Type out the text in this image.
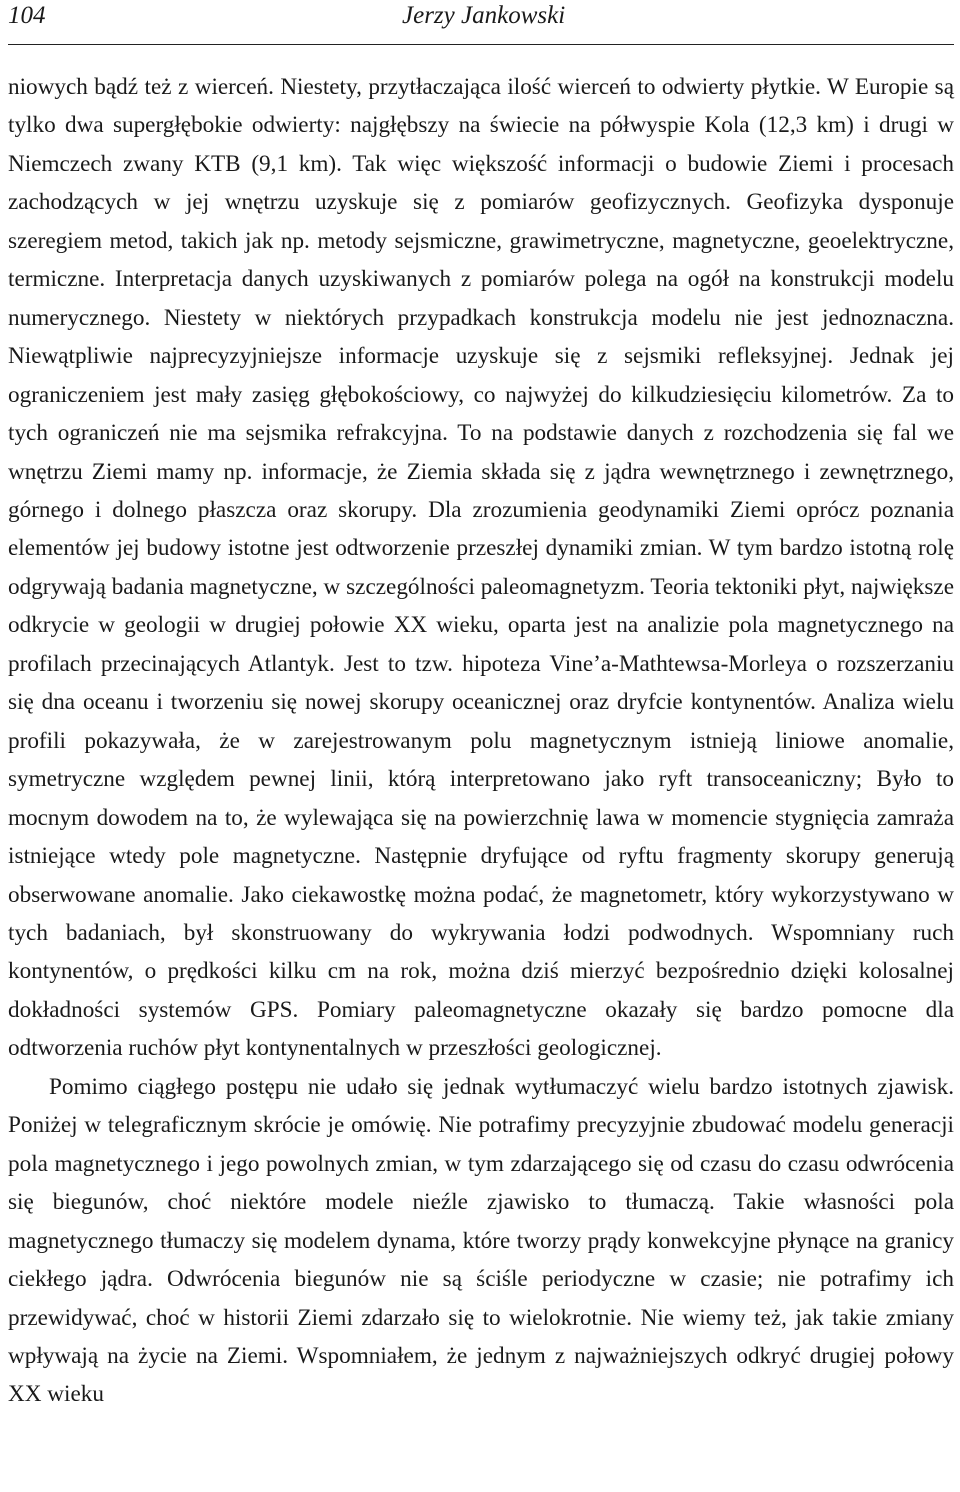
104	Jerzy Jankowski

niowych bądź też z wierceń. Niestety, przytłaczająca ilość wierceń to odwierty płytkie. W Europie są tylko dwa supergłębokie odwierty: najgłębszy na świecie na półwyspie Kola (12,3 km) i drugi w Niemczech zwany KTB (9,1 km). Tak więc większość informacji o budowie Ziemi i procesach zachodzących w jej wnętrzu uzyskuje się z pomiarów geofizycznych. Geofizyka dysponuje szeregiem metod, takich jak np. metody sejsmiczne, grawimetryczne, magnetyczne, geoelektryczne, termiczne. Interpretacja danych uzyskiwanych z pomiarów polega na ogół na konstrukcji modelu numerycznego. Niestety w niektórych przypadkach konstrukcja modelu nie jest jednoznaczna. Niewątpliwie najprecyzyjniejsze informacje uzyskuje się z sejsmiki refleksyjnej. Jednak jej ograniczeniem jest mały zasięg głębokościowy, co najwyżej do kilkudziesięciu kilometrów. Za to tych ograniczeń nie ma sejsmika refrakcyjna. To na podstawie danych z rozchodzenia się fal we wnętrzu Ziemi mamy np. informacje, że Ziemia składa się z jądra wewnętrznego i zewnętrznego, górnego i dolnego płaszcza oraz skorupy. Dla zrozumienia geodynamiki Ziemi oprócz poznania elementów jej budowy istotne jest odtworzenie przeszłej dynamiki zmian. W tym bardzo istotną rolę odgrywają badania magnetyczne, w szczególności paleomagnetyzm. Teoria tektoniki płyt, największe odkrycie w geologii w drugiej połowie XX wieku, oparta jest na analizie pola magnetycznego na profilach przecinających Atlantyk. Jest to tzw. hipoteza Vine’a-Mathtewsa-Morleya o rozszerzaniu się dna oceanu i tworzeniu się nowej skorupy oceanicznej oraz dryfcie kontynentów. Analiza wielu profili pokazywała, że w zarejestrowanym polu magnetycznym istnieją liniowe anomalie, symetryczne względem pewnej linii, którą interpretowano jako ryft transoceaniczny; Było to mocnym dowodem na to, że wylewająca się na powierzchnię lawa w momencie stygnięcia zamraża istniejące wtedy pole magnetyczne. Następnie dryfujące od ryftu fragmenty skorupy generują obserwowane anomalie. Jako ciekawostkę można podać, że magnetometr, który wykorzystywano w tych badaniach, był skonstruowany do wykrywania łodzi podwodnych. Wspomniany ruch kontynentów, o prędkości kilku cm na rok, można dziś mierzyć bezpośrednio dzięki kolosalnej dokładności systemów GPS. Pomiary paleomagnetyczne okazały się bardzo pomocne dla odtworzenia ruchów płyt kontynentalnych w przeszłości geologicznej.

Pomimo ciągłego postępu nie udało się jednak wytłumaczyć wielu bardzo istotnych zjawisk. Poniżej w telegraficznym skrócie je omówię. Nie potrafimy precyzyjnie zbudować modelu generacji pola magnetycznego i jego powolnych zmian, w tym zdarzającego się od czasu do czasu odwrócenia się biegunów, choć niektóre modele nieźle zjawisko to tłumaczą. Takie własności pola magnetycznego tłumaczy się modelem dynama, które tworzy prądy konwekcyjne płynące na granicy ciekłego jądra. Odwrócenia biegunów nie są ściśle periodyczne w czasie; nie potrafimy ich przewidywać, choć w historii Ziemi zdarzało się to wielokrotnie. Nie wiemy też, jak takie zmiany wpływają na życie na Ziemi. Wspomniałem, że jednym z najważniejszych odkryć drugiej połowy XX wieku
